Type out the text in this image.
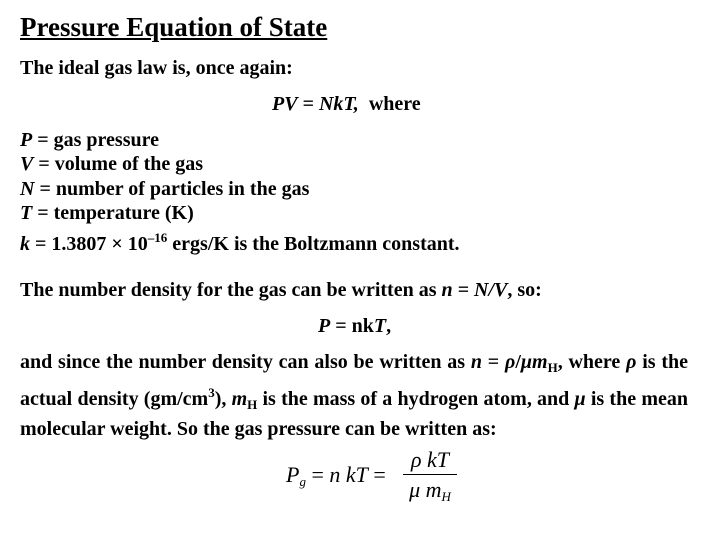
Pressure Equation of State
The ideal gas law is, once again:
PV = NkT,  where
P = gas pressure
V = volume of the gas
N = number of particles in the gas
T = temperature (K)
$k = 1.3807 \times 10^{-16}$ ergs/K is the Boltzmann constant.
The number density for the gas can be written as n = N/V, so:
P = nkT,
and since the number density can also be written as $n = \rho/\mu m_H$, where ρ is the actual density $(gm/cm^3)$, $m_H$ is the mass of a hydrogen atom, and μ is the mean molecular weight. So the gas pressure can be written as:
$P_g = n$ kT =
ρ kT
μ $m_H$
